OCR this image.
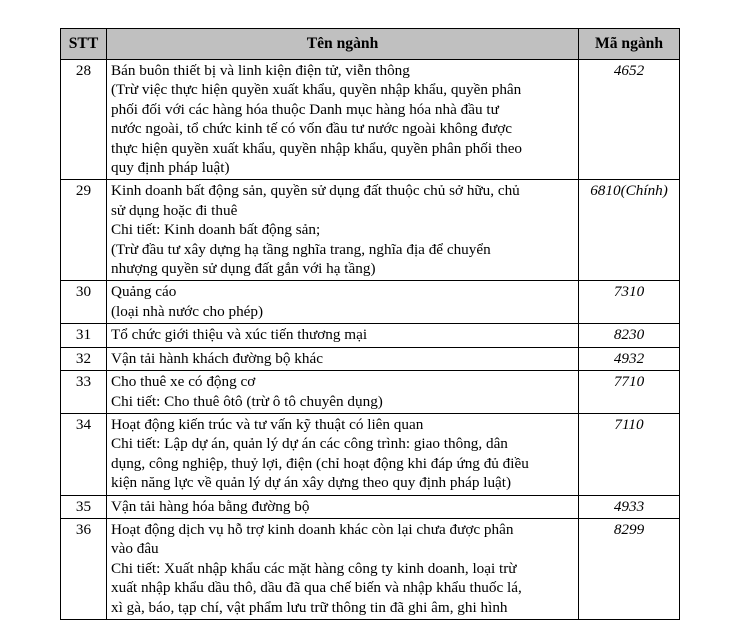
STT	Tên ngành	Mã ngành
28	Bán buôn thiết bị và linh kiện điện tử, viễn thông
(Trừ việc thực hiện quyền xuất khẩu, quyền nhập khẩu, quyền phân
phối đối với các hàng hóa thuộc Danh mục hàng hóa nhà đầu tư
nước ngoài, tổ chức kinh tế có vốn đầu tư nước ngoài không được
thực hiện quyền xuất khẩu, quyền nhập khẩu, quyền phân phối theo
quy định pháp luật)
	4652
29	Kinh doanh bất động sản, quyền sử dụng đất thuộc chủ sở hữu, chủ
sử dụng hoặc đi thuê
Chi tiết: Kinh doanh bất động sản;
(Trừ đầu tư xây dựng hạ tầng nghĩa trang, nghĩa địa để chuyển
nhượng quyền sử dụng đất gắn với hạ tầng)	6810(Chính)
30	Quảng cáo
(loại nhà nước cho phép)	7310
31	Tổ chức giới thiệu và xúc tiến thương mại	8230
32	Vận tải hành khách đường bộ khác	4932
33	Cho thuê xe có động cơ
Chi tiết: Cho thuê ôtô (trừ ô tô chuyên dụng)	7710
34	Hoạt động kiến trúc và tư vấn kỹ thuật có liên quan
Chi tiết: Lập dự án, quản lý dự án các công trình: giao thông, dân
dụng, công nghiệp, thuỷ lợi, điện (chỉ hoạt động khi đáp ứng đủ điều
kiện năng lực về quản lý dự án xây dựng theo quy định pháp luật)	7110
35	Vận tải hàng hóa bằng đường bộ	4933
36	Hoạt động dịch vụ hỗ trợ kinh doanh khác còn lại chưa được phân
vào đâu
Chi tiết: Xuất nhập khẩu các mặt hàng công ty kinh doanh, loại trừ
xuất nhập khẩu dầu thô, dầu đã qua chế biến và nhập khẩu thuốc lá,
xì gà, báo, tạp chí, vật phẩm lưu trữ thông tin đã ghi âm, ghi hình	8299
